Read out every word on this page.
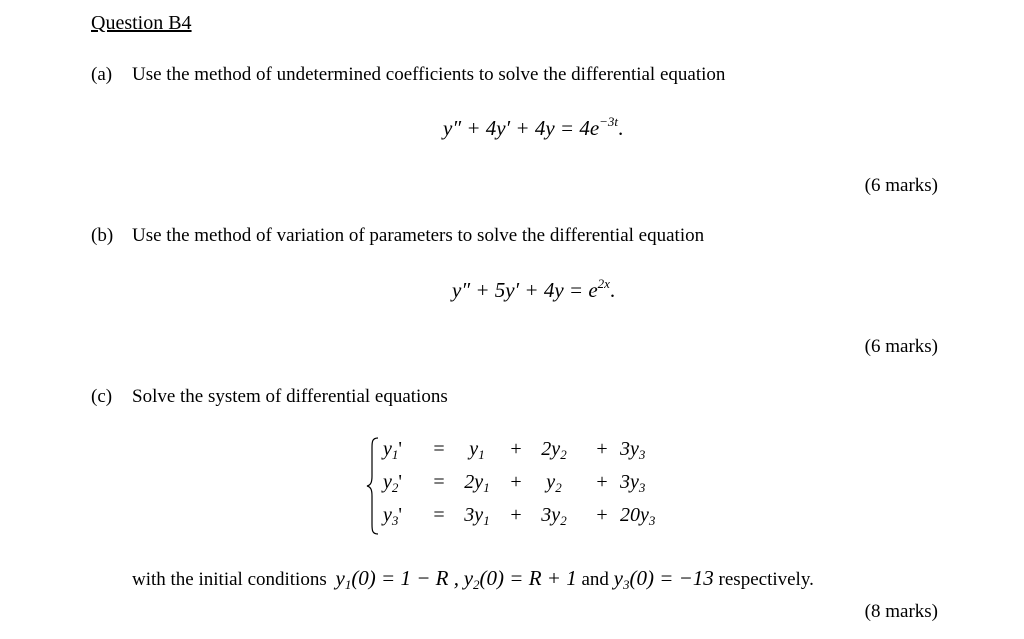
Question B4
(a) Use the method of undetermined coefficients to solve the differential equation
$y'' + 4y' + 4y = 4e^{-3t}$.
(6 marks)
(b) Use the method of variation of parameters to solve the differential equation
$y'' + 5y' + 4y = e^{2x}$.
(6 marks)
(c) Solve the system of differential equations
$y_1'$	=	$y_1$	+ $2y_2$	+ $3y_3$
$y_2'$	= $2y_1$	+	$y_2$	+ $3y_3$
$y_3'$	= $3y_1$	+ $3y_2$	+ $20y_3$
with the initial conditions $y_1(0) = 1 - R$ , $y_2(0) = R + 1$ and $y_3(0) = -13$ respectively.
(8 marks)
